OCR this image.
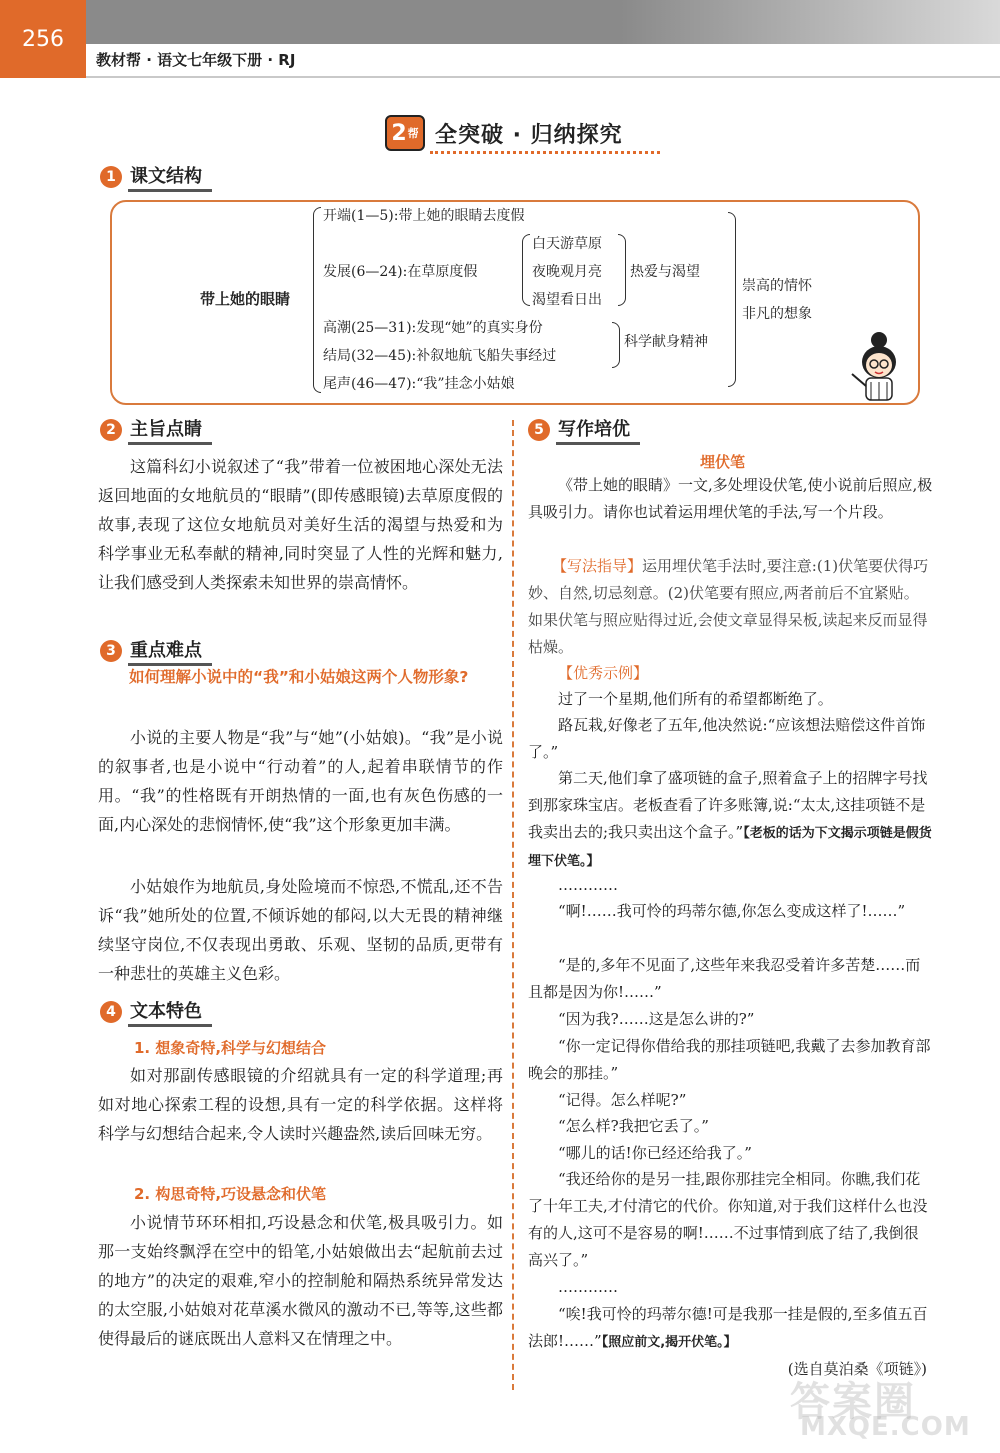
256
教材帮 · 语文七年级下册 · RJ
2 帮 全突破 · 归纳探究
1 课文结构
带上她的眼睛
开端(1—5):带上她的眼睛去度假
发展(6—24):在草原度假
白天游草原
夜晚观月亮
渴望看日出
热爱与渴望
高潮(25—31):发现“她”的真实身份
结局(32—45):补叙地航飞船失事经过
科学献身精神
尾声(46—47):“我”挂念小姑娘
崇高的情怀
非凡的想象
2 主旨点睛
这篇科幻小说叙述了“我”带着一位被困地心深处无法返回地面的女地航员的“眼睛”(即传感眼镜)去草原度假的故事,表现了这位女地航员对美好生活的渴望与热爱和为科学事业无私奉献的精神,同时突显了人性的光辉和魅力,让我们感受到人类探索未知世界的崇高情怀。
3 重点难点
如何理解小说中的“我”和小姑娘这两个人物形象?
小说的主要人物是“我”与“她”(小姑娘)。“我”是小说的叙事者,也是小说中“行动着”的人,起着串联情节的作用。“我”的性格既有开朗热情的一面,也有灰色伤感的一面,内心深处的悲悯情怀,使“我”这个形象更加丰满。
小姑娘作为地航员,身处险境而不惊恐,不慌乱,还不告诉“我”她所处的位置,不倾诉她的郁闷,以大无畏的精神继续坚守岗位,不仅表现出勇敢、乐观、坚韧的品质,更带有一种悲壮的英雄主义色彩。
4 文本特色
1. 想象奇特,科学与幻想结合
如对那副传感眼镜的介绍就具有一定的科学道理;再如对地心探索工程的设想,具有一定的科学依据。这样将科学与幻想结合起来,令人读时兴趣盎然,读后回味无穷。
2. 构思奇特,巧设悬念和伏笔
小说情节环环相扣,巧设悬念和伏笔,极具吸引力。如那一支始终飘浮在空中的铅笔,小姑娘做出去“起航前去过的地方”的决定的艰难,窄小的控制舱和隔热系统异常发达的太空服,小姑娘对花草溪水微风的激动不已,等等,这些都使得最后的谜底既出人意料又在情理之中。
5 写作培优
埋伏笔
《带上她的眼睛》一文,多处埋设伏笔,使小说前后照应,极具吸引力。请你也试着运用埋伏笔的手法,写一个片段。
【写法指导】运用埋伏笔手法时,要注意:(1)伏笔要伏得巧妙、自然,切忌刻意。(2)伏笔要有照应,两者前后不宜紧贴。如果伏笔与照应贴得过近,会使文章显得呆板,读起来反而显得枯燥。
【优秀示例】
过了一个星期,他们所有的希望都断绝了。
路瓦栽,好像老了五年,他决然说:“应该想法赔偿这件首饰了。”
第二天,他们拿了盛项链的盒子,照着盒子上的招牌字号找到那家珠宝店。老板查看了许多账簿,说:“太太,这挂项链不是我卖出去的;我只卖出这个盒子。”【老板的话为下文揭示项链是假货埋下伏笔。】
…………
“啊!……我可怜的玛蒂尔德,你怎么变成这样了!……”
“是的,多年不见面了,这些年来我忍受着许多苦楚……而且都是因为你!……”
“因为我?……这是怎么讲的?”
“你一定记得你借给我的那挂项链吧,我戴了去参加教育部晚会的那挂。”
“记得。怎么样呢?”
“怎么样?我把它丢了。”
“哪儿的话!你已经还给我了。”
“我还给你的是另一挂,跟你那挂完全相同。你瞧,我们花了十年工夫,才付清它的代价。你知道,对于我们这样什么也没有的人,这可不是容易的啊!……不过事情到底了结了,我倒很高兴了。”
…………
“唉!我可怜的玛蒂尔德!可是我那一挂是假的,至多值五百法郎!……”【照应前文,揭开伏笔。】
(选自莫泊桑《项链》)
答案圈
MXQE.COM
